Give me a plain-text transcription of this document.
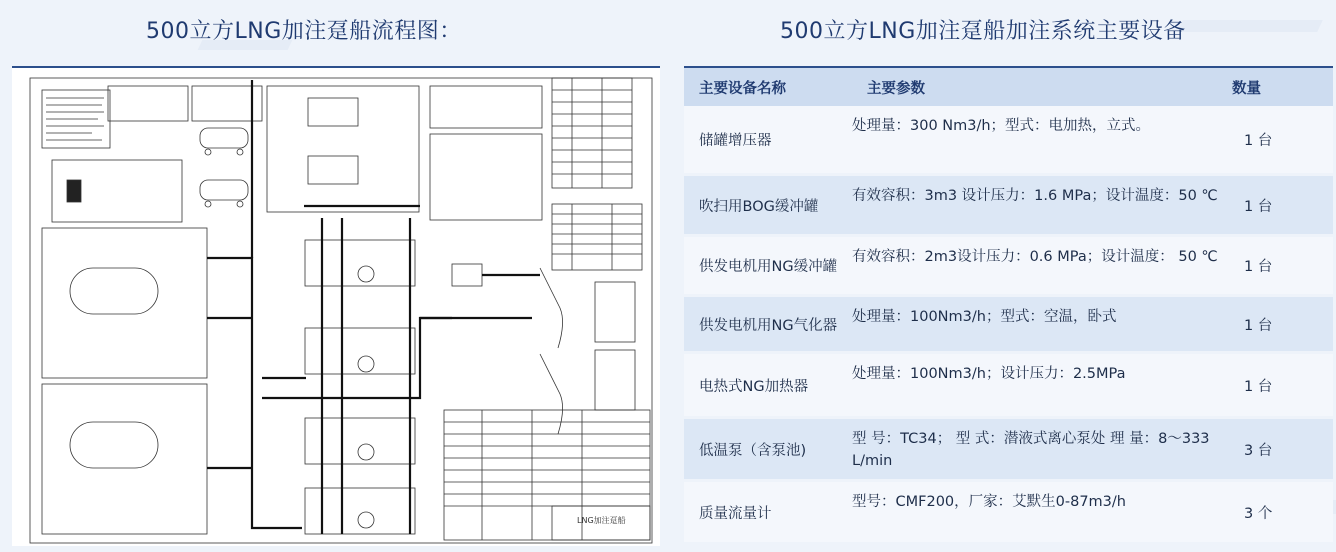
500立方LNG加注趸船流程图：	500立方LNG加注趸船加注系统主要设备
LNG加注趸船
主要设备名称	主要参数	数量
储罐增压器	处理量：300 Nm3/h；型式：电加热，立式。	1 台

吹扫用BOG缓冲罐	有效容积：3m3 设计压力：1.6 MPa；设计温度：50 ℃	1 台

供发电机用NG缓冲罐	有效容积：2m3设计压力：0.6 MPa；设计温度： 50 ℃	1 台

供发电机用NG气化器	处理量：100Nm3/h；型式：空温，卧式	1 台

电热式NG加热器	处理量：100Nm3/h；设计压力：2.5MPa	1 台

低温泵（含泵池)	型 号：TC34； 型 式：潜液式离心泵处 理 量：8～333 L/min	3 台

质量流量计	型号：CMF200，厂家：艾默生0-87m3/h	3 个
